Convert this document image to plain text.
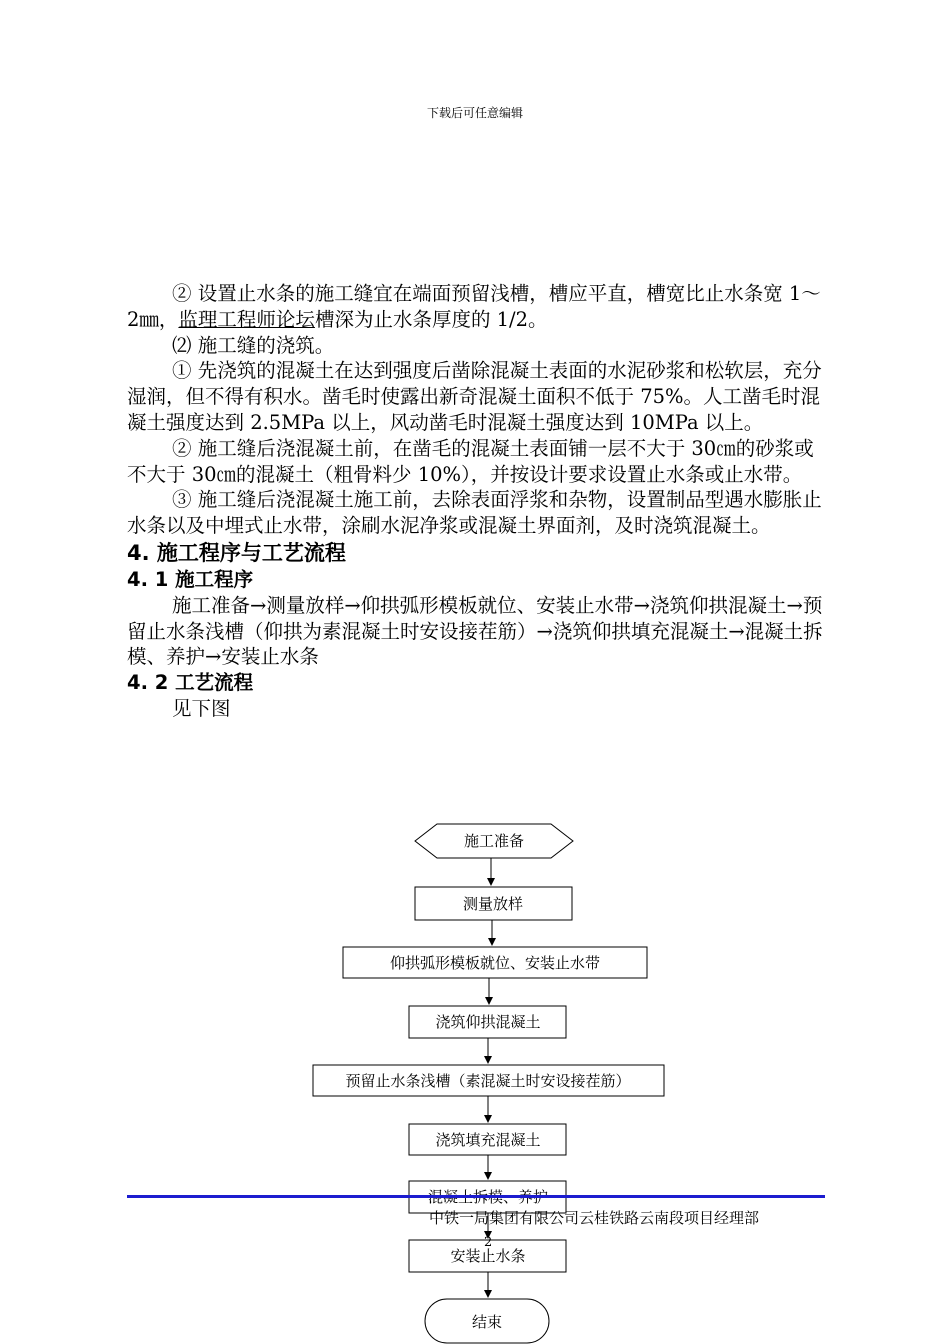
下载后可任意编辑

② 设置止水条的施工缝宜在端面预留浅槽，槽应平直，槽宽比止水条宽 1～2㎜，监理工程师论坛槽深为止水条厚度的 1/2。

⑵ 施工缝的浇筑。

① 先浇筑的混凝土在达到强度后凿除混凝土表面的水泥砂浆和松软层，充分湿润，但不得有积水。凿毛时使露出新奇混凝土面积不低于 75%。人工凿毛时混凝土强度达到 2.5MPa 以上，风动凿毛时混凝土强度达到 10MPa 以上。

② 施工缝后浇混凝土前，在凿毛的混凝土表面铺一层不大于 30㎝的砂浆或不大于 30㎝的混凝土（粗骨料少 10%），并按设计要求设置止水条或止水带。

③ 施工缝后浇混凝土施工前，去除表面浮浆和杂物，设置制品型遇水膨胀止水条以及中埋式止水带，涂刷水泥净浆或混凝土界面剂，及时浇筑混凝土。

4. 施工程序与工艺流程

4. 1 施工程序

施工准备→测量放样→仰拱弧形模板就位、安装止水带→浇筑仰拱混凝土→预留止水条浅槽（仰拱为素混凝土时安设接茬筋）→浇筑仰拱填充混凝土→混凝土拆模、养护→安装止水条

4. 2 工艺流程

见下图

施工准备
测量放样
仰拱弧形模板就位、安装止水带
浇筑仰拱混凝土
预留止水条浅槽（素混凝土时安设接茬筋）
浇筑填充混凝土
安装止水条
结束
中铁一局集团有限公司云桂铁路云南段项目经理部
2
